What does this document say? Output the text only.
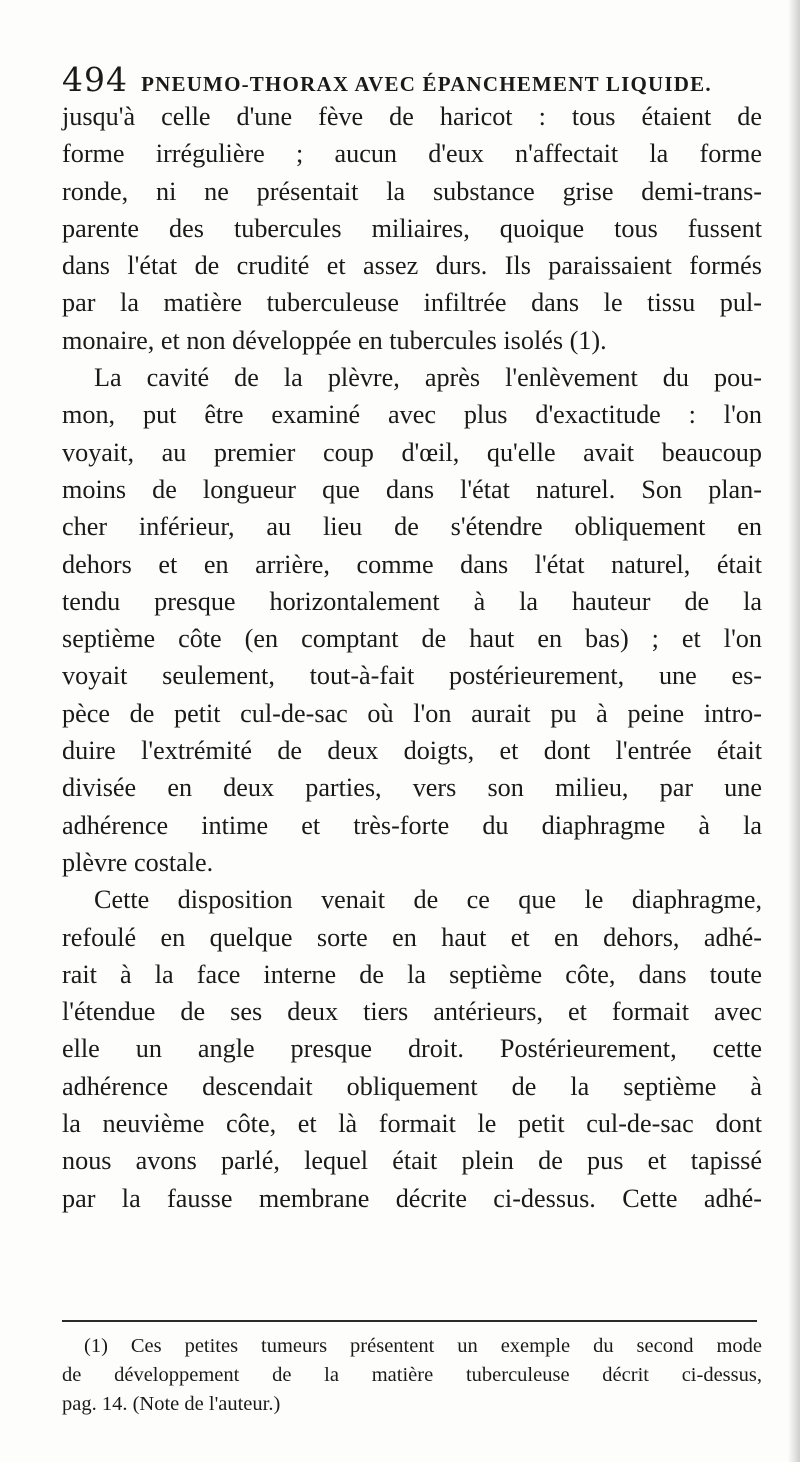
494 PNEUMO-THORAX AVEC ÉPANCHEMENT LIQUIDE.
jusqu'à celle d'une fève de haricot : tous étaient de
forme irrégulière ; aucun d'eux n'affectait la forme
ronde, ni ne présentait la substance grise demi-trans-
parente des tubercules miliaires, quoique tous fussent
dans l'état de crudité et assez durs. Ils paraissaient formés
par la matière tuberculeuse infiltrée dans le tissu pul-
monaire, et non développée en tubercules isolés (1).
La cavité de la plèvre, après l'enlèvement du pou-
mon, put être examiné avec plus d'exactitude : l'on
voyait, au premier coup d'œil, qu'elle avait beaucoup
moins de longueur que dans l'état naturel. Son plan-
cher inférieur, au lieu de s'étendre obliquement en
dehors et en arrière, comme dans l'état naturel, était
tendu presque horizontalement à la hauteur de la
septième côte (en comptant de haut en bas) ; et l'on
voyait seulement, tout-à-fait postérieurement, une es-
pèce de petit cul-de-sac où l'on aurait pu à peine intro-
duire l'extrémité de deux doigts, et dont l'entrée était
divisée en deux parties, vers son milieu, par une
adhérence intime et très-forte du diaphragme à la
plèvre costale.
Cette disposition venait de ce que le diaphragme,
refoulé en quelque sorte en haut et en dehors, adhé-
rait à la face interne de la septième côte, dans toute
l'étendue de ses deux tiers antérieurs, et formait avec
elle un angle presque droit. Postérieurement, cette
adhérence descendait obliquement de la septième à
la neuvième côte, et là formait le petit cul-de-sac dont
nous avons parlé, lequel était plein de pus et tapissé
par la fausse membrane décrite ci-dessus. Cette adhé-
(1) Ces petites tumeurs présentent un exemple du second mode
de développement de la matière tuberculeuse décrit ci-dessus,
pag. 14. (Note de l'auteur.)
